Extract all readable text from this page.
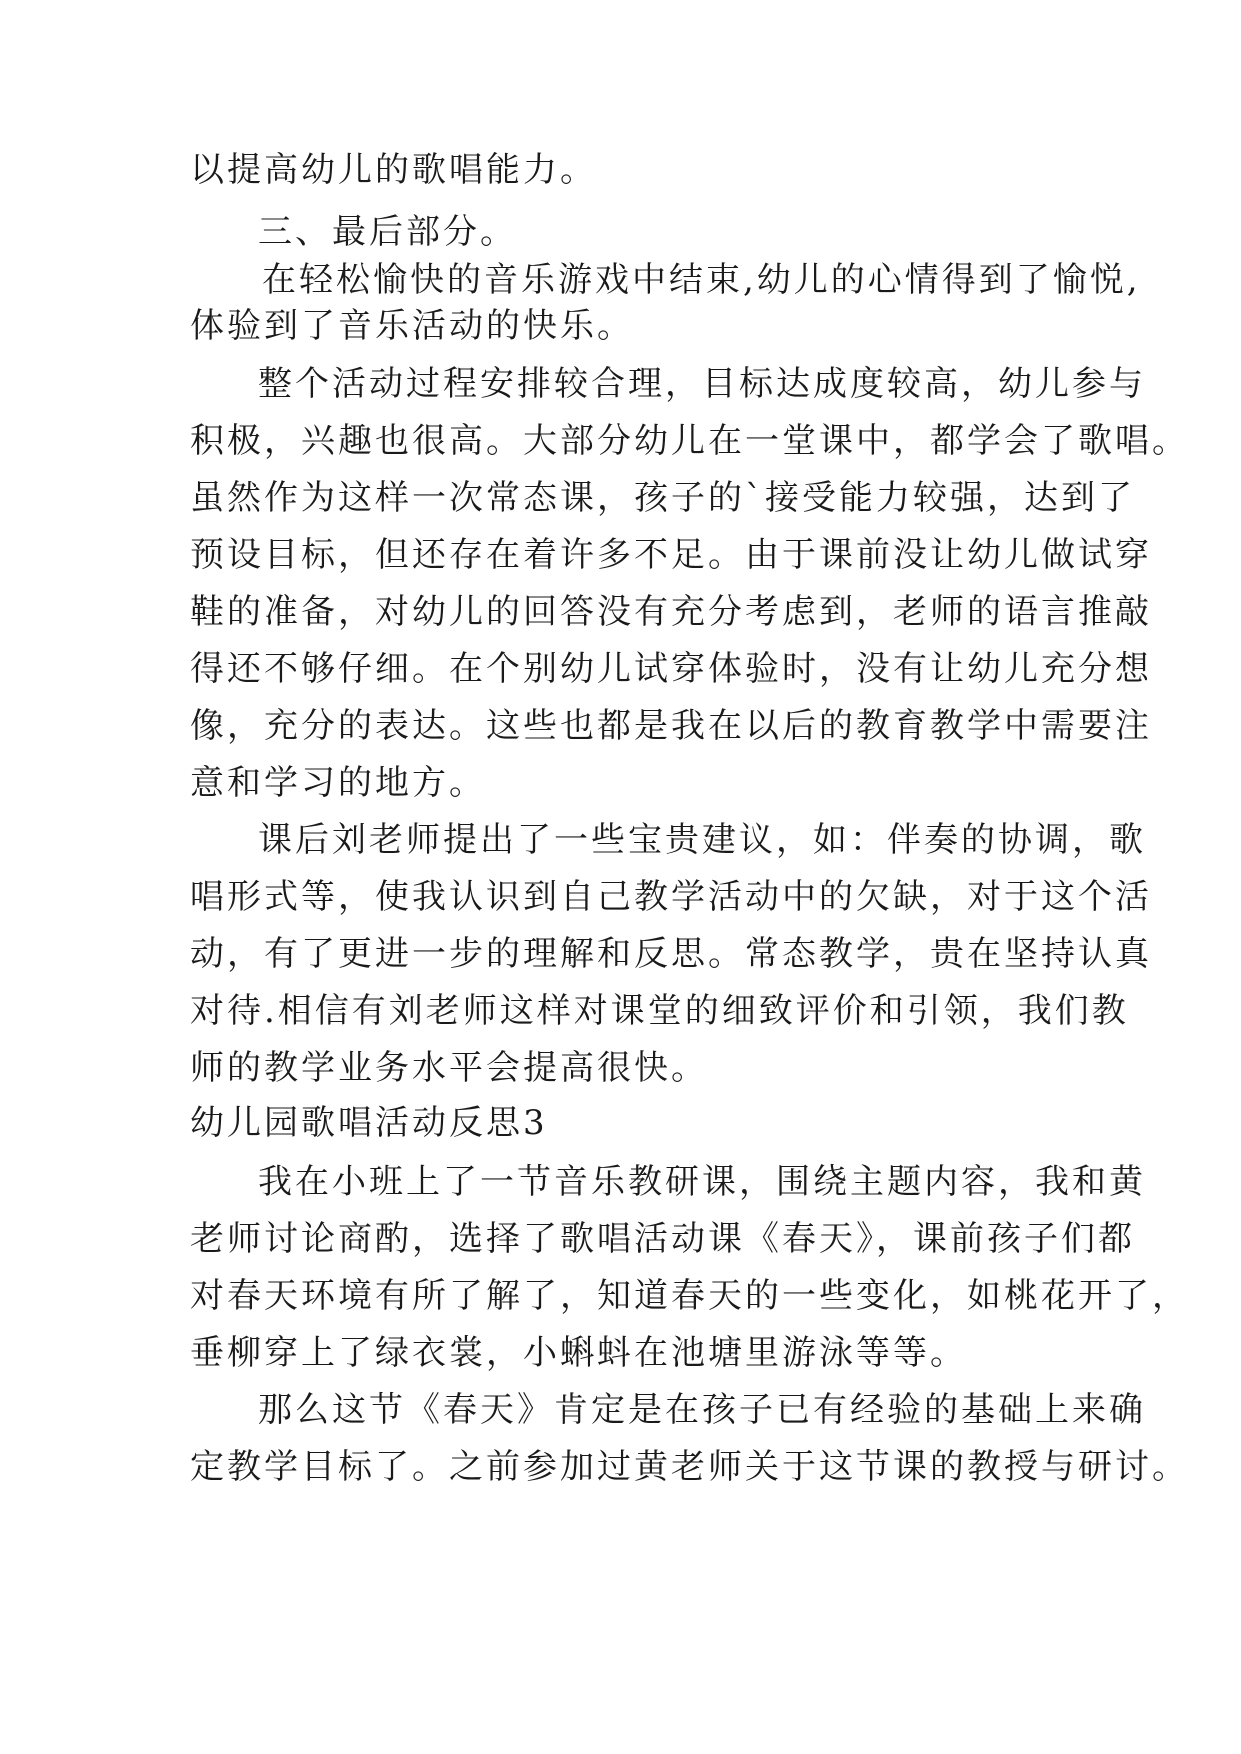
以提高幼儿的歌唱能力。
三、最后部分。
在轻松愉快的音乐游戏中结束,幼儿的心情得到了愉悦,
体验到了音乐活动的快乐。
整个活动过程安排较合理，目标达成度较高，幼儿参与
积极，兴趣也很高。大部分幼儿在一堂课中，都学会了歌唱。
虽然作为这样一次常态课，孩子的`接受能力较强，达到了
预设目标，但还存在着许多不足。由于课前没让幼儿做试穿
鞋的准备，对幼儿的回答没有充分考虑到，老师的语言推敲
得还不够仔细。在个别幼儿试穿体验时，没有让幼儿充分想
像，充分的表达。这些也都是我在以后的教育教学中需要注
意和学习的地方。
课后刘老师提出了一些宝贵建议，如：伴奏的协调，歌
唱形式等，使我认识到自己教学活动中的欠缺，对于这个活
动，有了更进一步的理解和反思。常态教学，贵在坚持认真
对待.相信有刘老师这样对课堂的细致评价和引领，我们教
师的教学业务水平会提高很快。
幼儿园歌唱活动反思3
我在小班上了一节音乐教研课，围绕主题内容，我和黄
老师讨论商酌，选择了歌唱活动课《春天》，课前孩子们都
对春天环境有所了解了，知道春天的一些变化，如桃花开了，
垂柳穿上了绿衣裳，小蝌蚪在池塘里游泳等等。
那么这节《春天》肯定是在孩子已有经验的基础上来确
定教学目标了。之前参加过黄老师关于这节课的教授与研讨。
